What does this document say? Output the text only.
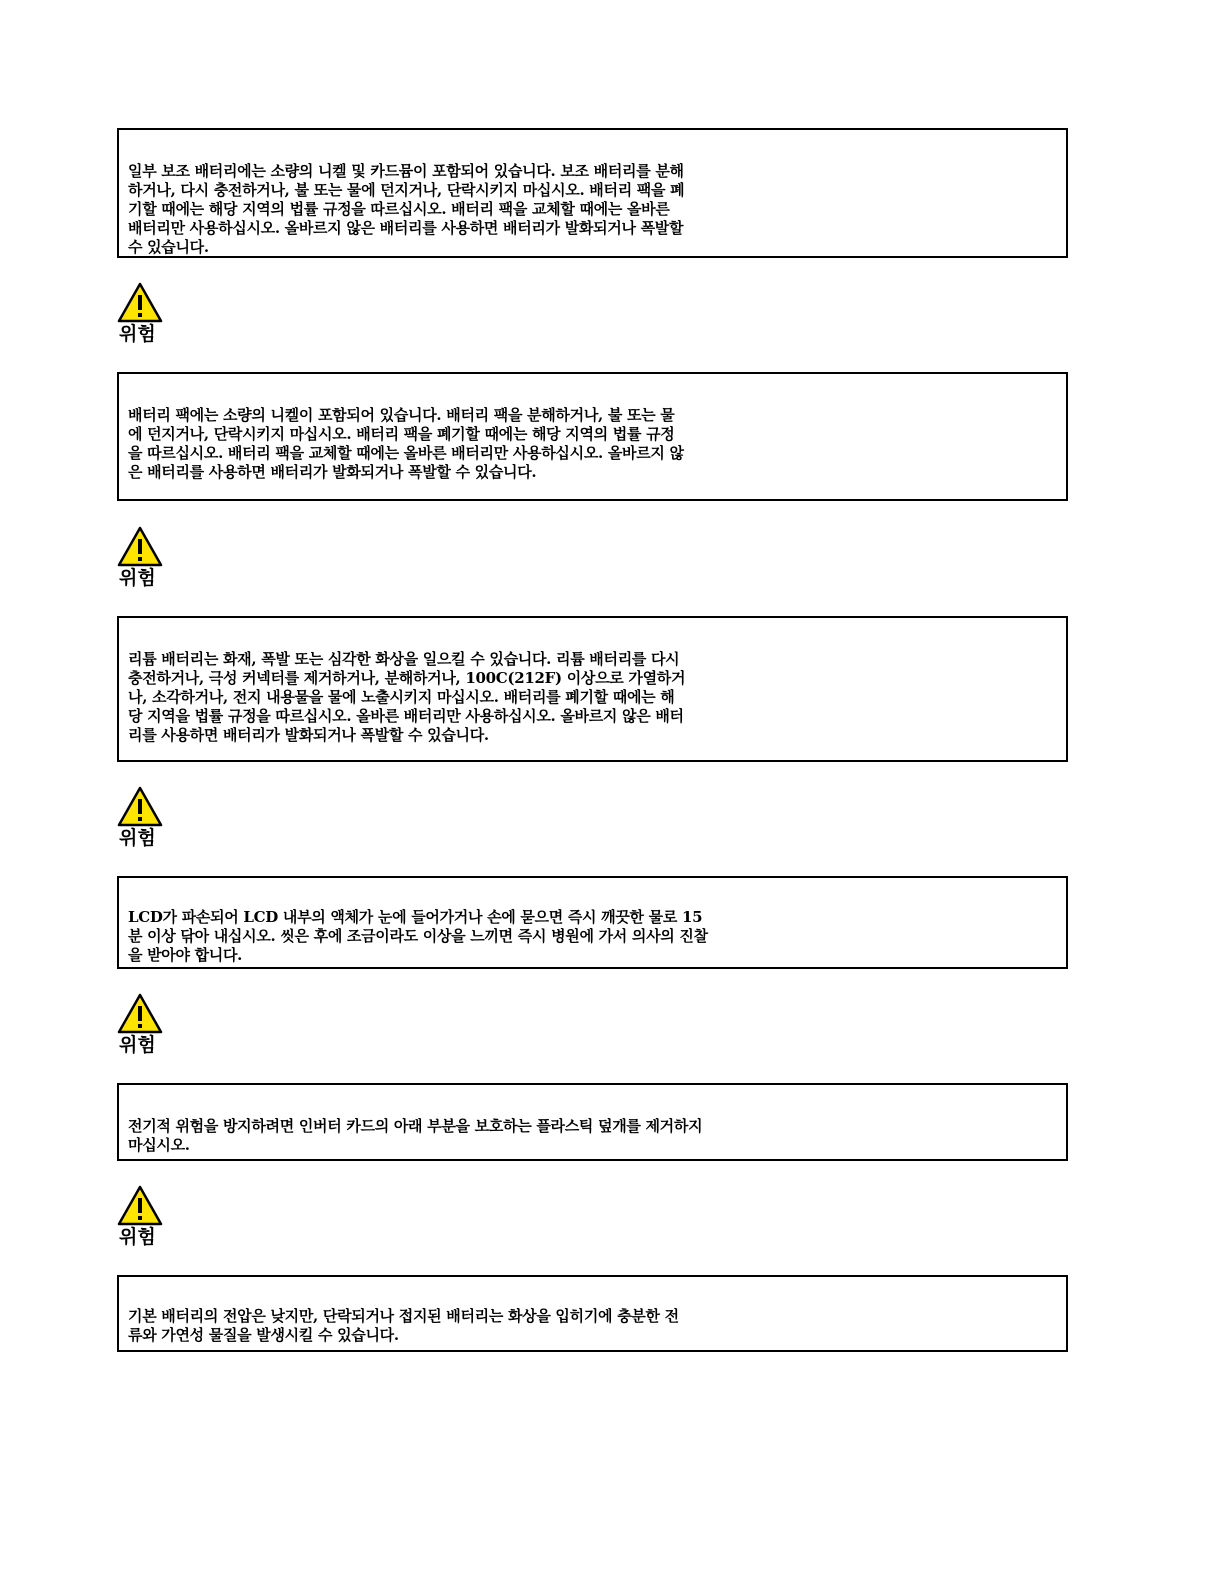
일부 보조 배터리에는 소량의 니켈 및 카드뮴이 포함되어 있습니다. 보조 배터리를 분해하거나, 다시 충전하거나, 불 또는 물에 던지거나, 단락시키지 마십시오. 배터리 팩을 폐기할 때에는 해당 지역의 법률 규정을 따르십시오. 배터리 팩을 교체할 때에는 올바른 배터리만 사용하십시오. 올바르지 않은 배터리를 사용하면 배터리가 발화되거나 폭발할 수 있습니다.
위험
배터리 팩에는 소량의 니켈이 포함되어 있습니다. 배터리 팩을 분해하거나, 불 또는 물에 던지거나, 단락시키지 마십시오. 배터리 팩을 폐기할 때에는 해당 지역의 법률 규정을 따르십시오. 배터리 팩을 교체할 때에는 올바른 배터리만 사용하십시오. 올바르지 않은 배터리를 사용하면 배터리가 발화되거나 폭발할 수 있습니다.
위험
리튬 배터리는 화재, 폭발 또는 심각한 화상을 일으킬 수 있습니다. 리튬 배터리를 다시 충전하거나, 극성 커넥터를 제거하거나, 분해하거나, 100C(212F) 이상으로 가열하거나, 소각하거나, 전지 내용물을 물에 노출시키지 마십시오. 배터리를 폐기할 때에는 해당 지역을 법률 규정을 따르십시오. 올바른 배터리만 사용하십시오. 올바르지 않은 배터리를 사용하면 배터리가 발화되거나 폭발할 수 있습니다.
위험
LCD가 파손되어 LCD 내부의 액체가 눈에 들어가거나 손에 묻으면 즉시 깨끗한 물로 15분 이상 닦아 내십시오. 씻은 후에 조금이라도 이상을 느끼면 즉시 병원에 가서 의사의 진찰을 받아야 합니다.
위험
전기적 위험을 방지하려면 인버터 카드의 아래 부분을 보호하는 플라스틱 덮개를 제거하지 마십시오.
위험
기본 배터리의 전압은 낮지만, 단락되거나 접지된 배터리는 화상을 입히기에 충분한 전류와 가연성 물질을 발생시킬 수 있습니다.
